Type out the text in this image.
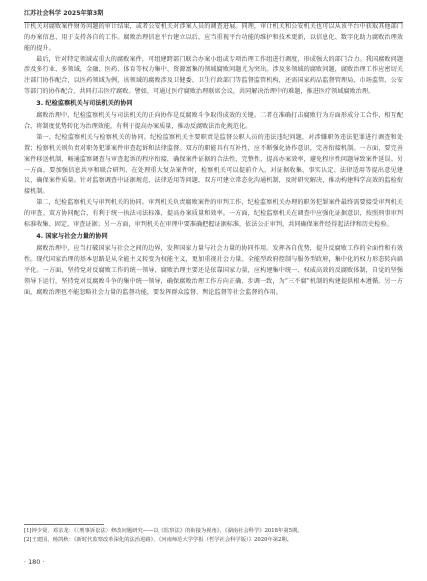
江苏社会科学 2025年第3期

计机关对腐败案件财务问题的审计结果，或者公安机关对涉案人员的调查进展。同理，审计机关和公安机关也可以从该平台中获取其他部门的办案信息，用于支持各自的工作。腐败治理信息平台建立以后，应当重视平台功能的维护和技术更新，以信息化、数字化助力腐败治理效能的提升。

最后，针对特定领域或重大的腐败案件，可组建跨部门联合办案小组或专项治理工作组进行调度，形成强大的部门合力。我国腐败问题涉及多行业、多领域，金融、医药、体育等权力集中、资源富集的领域腐败问题尤为突出。涉及多领域的腐败问题，腐败治理工作应密切关注部门协作配合，以医药领域为例，该领域的腐败涉及卫健委、卫生行政部门等监督监管机构，还需国家药品监督管理局、市场监管、公安等部门的协作配合，共同打击医疗腐败。譬如，可通过医疗腐败治理联席会议，共同解决治理中的难题，推进医疗领域腐败治理。

3. 纪检监察机关与司法机关的协同

腐败治理中，纪检监察机关与司法机关的正向协作是反腐败斗争取得成效的关键。二者在准确打击腐败行为方面形成分工合作，相互配合，将制度优势转化为治理效能，有利于提高办案质量，推动反腐败法治化规范化。

第一，纪检监察机关与检察机关的协同。纪检监察机关主要职责是监督公职人员的违法违纪问题，对涉嫌职务违法犯罪进行调查和处置；检察机关则负责对职务犯罪案件审查起诉和法律监督。双方的职能具有互补性，应不断强化协作意识，完善衔接机制。一方面，要完善案件移送机制，畅通监察调查与审查起诉的程序衔接，确保案件证据的合法性、完整性，提高办案效率，避免程序性问题导致案件延误。另一方面，要加强信息共享和联合研判，在处理重大复杂案件时，检察机关可以提前介入，对证据收集、事实认定、法律适用等提出意见建议，确保案件质量。针对监察调查中证据规范、法律适用等问题，双方可建立常态化沟通机制，及时研究解决，推动构建科学高效的监检衔接机制。

第二，纪检监察机关与审判机关的协同。审判机关负责腐败案件的审判工作，纪检监察机关办理的职务犯罪案件最终需要接受审判机关的审查。双方协同配合，有利于统一执法司法标准，提高办案质量和效率。一方面，纪检监察机关在调查中应强化证据意识，按照刑事审判标准收集、固定、审查证据；另一方面，审判机关在审理中要准确把握证据标准，依法公正审判，共同确保案件经得起法律和历史检验。

4. 国家与社会力量的协同

腐败治理中，应当打破国家与社会之间的边界，发挥国家力量与社会力量的协同作用。发挥各自优势，提升反腐败工作的全面性和有效性。现代国家治理的基本思路是从全能主义转变为权能主义，更加重视社会力量。全能型政府控制与服务型政府，集中化的权力形态转向扁平化。一方面，坚持党对反腐败工作的统一领导，腐败治理主要还是依靠国家力量，应构建集中统一、权威高效的反腐败体制，自觉的坚强领导下运行，坚持党对反腐败斗争的集中统一领导，确保腐败治理工作方向正确、步调一致，为“三不腐”机制的构建提供根本遵循。另一方面，腐败治理也不能忽略社会力量的监督功能，要发挥群众监督、舆论监督等社会监督的作用。

[1]钟少贤、邓亲龙：《〈刑事诉讼法〉修改问题研究——以《监察法》的衔接为视角》，《湖南社会科学》2018年第5期。
[2]王建国、杨凯秋：《新时代监察改革深化的法治进路》，《河南师范大学学报（哲学社会科学版）》2020年第2期。
· 180 ·
